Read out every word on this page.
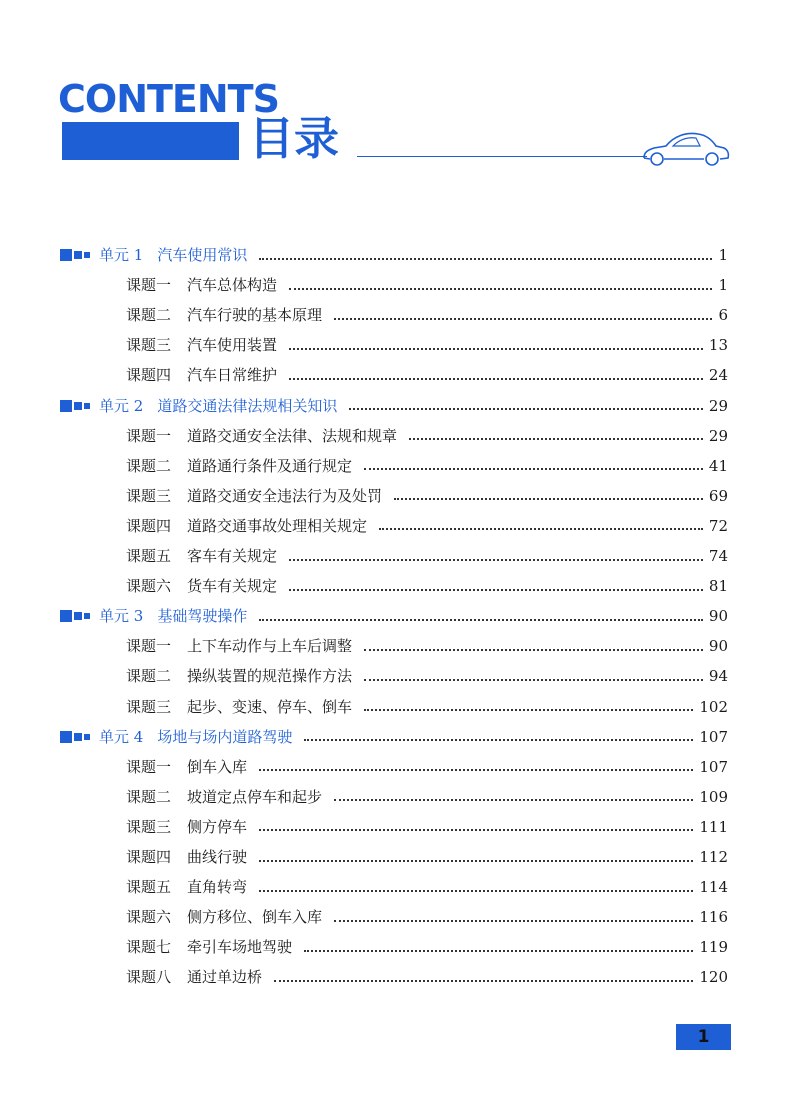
CONTENTS
目录
单元 1 汽车使用常识	1
课题一 汽车总体构造	1
课题二 汽车行驶的基本原理	6
课题三 汽车使用装置	13
课题四 汽车日常维护	24
单元 2 道路交通法律法规相关知识	29
课题一 道路交通安全法律、法规和规章	29
课题二 道路通行条件及通行规定	41
课题三 道路交通安全违法行为及处罚	69
课题四 道路交通事故处理相关规定	72
课题五 客车有关规定	74
课题六 货车有关规定	81
单元 3 基础驾驶操作	90
课题一 上下车动作与上车后调整	90
课题二 操纵装置的规范操作方法	94
课题三 起步、变速、停车、倒车	102
单元 4 场地与场内道路驾驶	107
课题一 倒车入库	107
课题二 坡道定点停车和起步	109
课题三 侧方停车	111
课题四 曲线行驶	112
课题五 直角转弯	114
课题六 侧方移位、倒车入库	116
课题七 牵引车场地驾驶	119
课题八 通过单边桥	120
1
